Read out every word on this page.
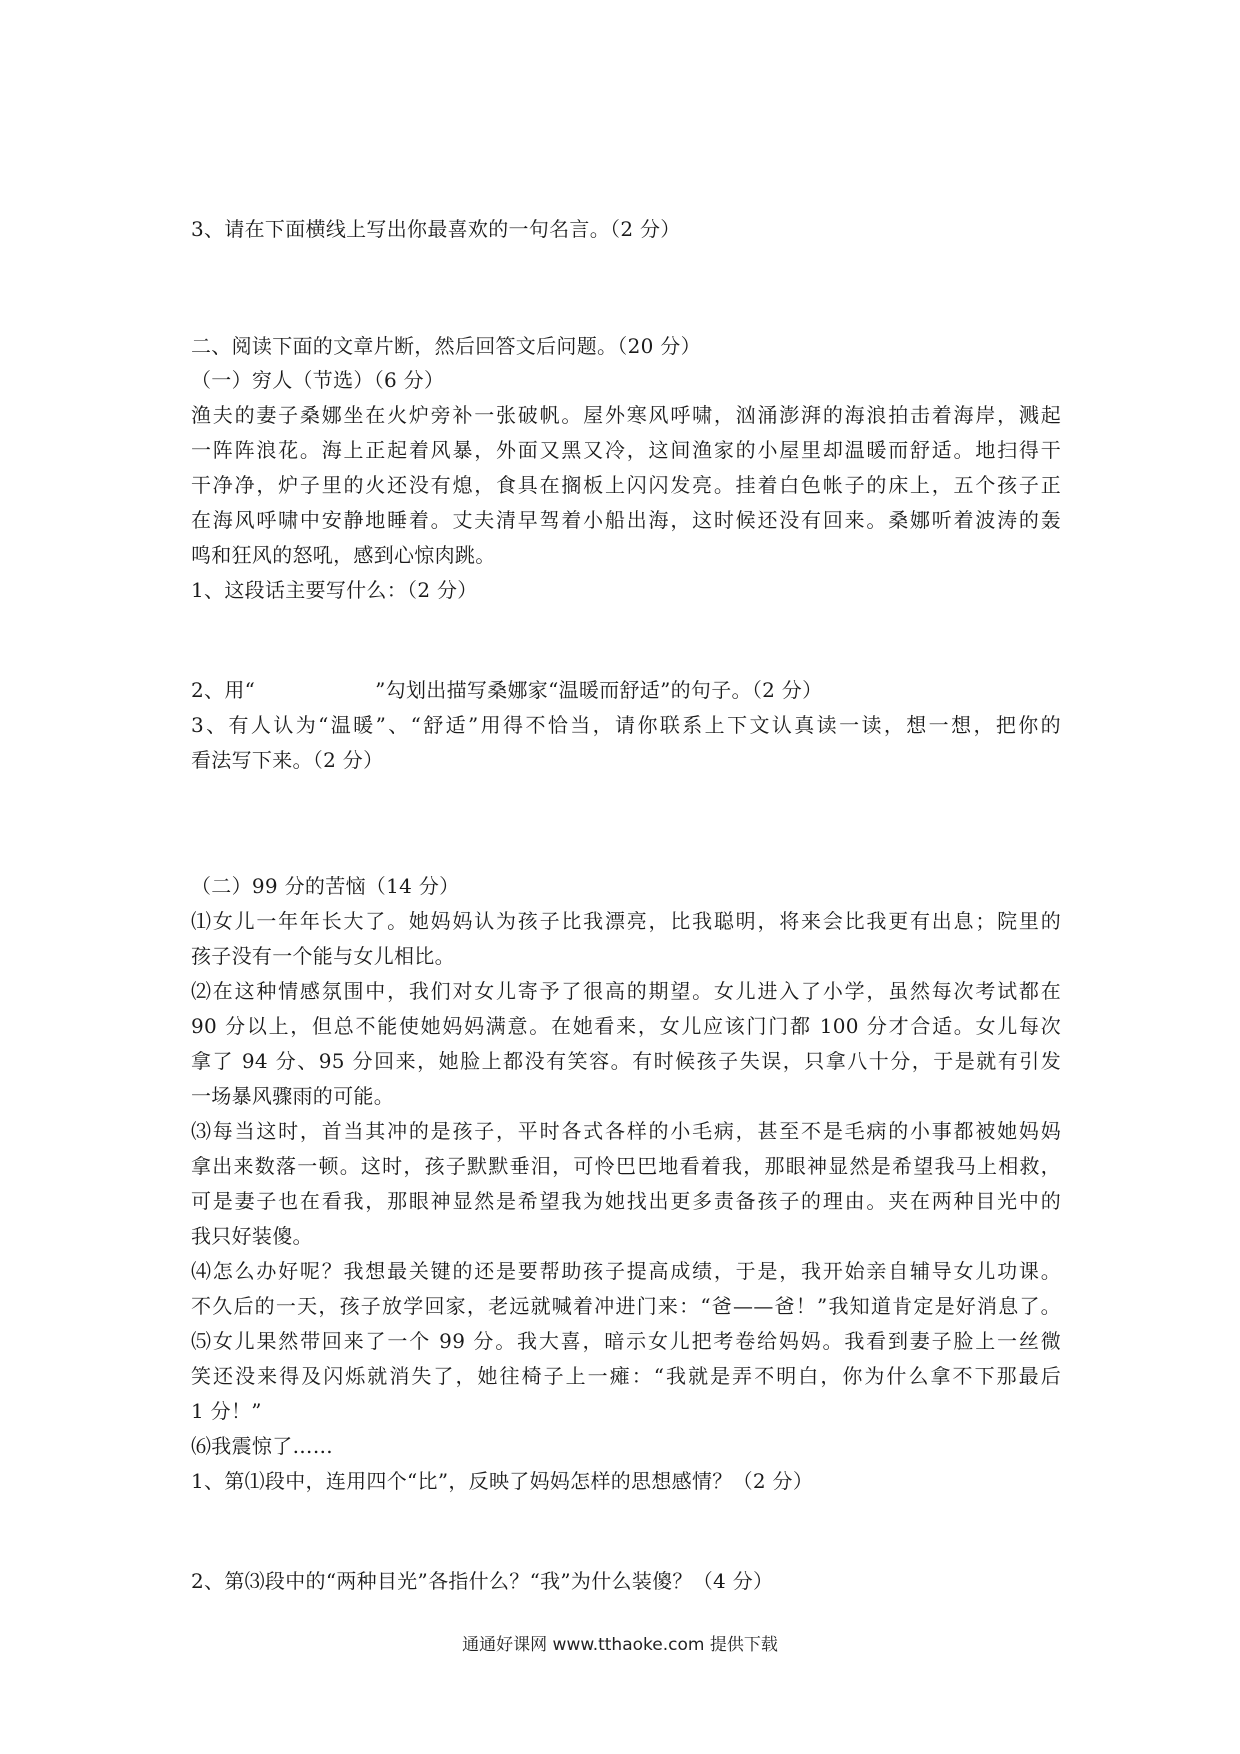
3、请在下面横线上写出你最喜欢的一句名言。（2 分）
二、阅读下面的文章片断，然后回答文后问题。（20 分）
（一）穷人（节选）（6 分）
渔夫的妻子桑娜坐在火炉旁补一张破帆。屋外寒风呼啸，汹涌澎湃的海浪拍击着海岸，溅起
一阵阵浪花。海上正起着风暴，外面又黑又冷，这间渔家的小屋里却温暖而舒适。地扫得干
干净净，炉子里的火还没有熄，食具在搁板上闪闪发亮。挂着白色帐子的床上，五个孩子正
在海风呼啸中安静地睡着。丈夫清早驾着小船出海，这时候还没有回来。桑娜听着波涛的轰
鸣和狂风的怒吼，感到心惊肉跳。
1、这段话主要写什么：（2 分）
2、用“	”勾划出描写桑娜家“温暖而舒适”的句子。（2 分）
3、有人认为“温暖”、“舒适”用得不恰当，请你联系上下文认真读一读，想一想，把你的
看法写下来。（2 分）
（二）99 分的苦恼（14 分）
⑴女儿一年年长大了。她妈妈认为孩子比我漂亮，比我聪明，将来会比我更有出息；院里的
孩子没有一个能与女儿相比。
⑵在这种情感氛围中，我们对女儿寄予了很高的期望。女儿进入了小学，虽然每次考试都在
90 分以上，但总不能使她妈妈满意。在她看来，女儿应该门门都 100 分才合适。女儿每次
拿了 94 分、95 分回来，她脸上都没有笑容。有时候孩子失误，只拿八十分，于是就有引发
一场暴风骤雨的可能。
⑶每当这时，首当其冲的是孩子，平时各式各样的小毛病，甚至不是毛病的小事都被她妈妈
拿出来数落一顿。这时，孩子默默垂泪，可怜巴巴地看着我，那眼神显然是希望我马上相救，
可是妻子也在看我，那眼神显然是希望我为她找出更多责备孩子的理由。夹在两种目光中的
我只好装傻。
⑷怎么办好呢？我想最关键的还是要帮助孩子提高成绩，于是，我开始亲自辅导女儿功课。
不久后的一天，孩子放学回家，老远就喊着冲进门来：“爸——爸！”我知道肯定是好消息了。
⑸女儿果然带回来了一个 99 分。我大喜，暗示女儿把考卷给妈妈。我看到妻子脸上一丝微
笑还没来得及闪烁就消失了，她往椅子上一瘫：“我就是弄不明白，你为什么拿不下那最后
1 分！”
⑹我震惊了……
1、第⑴段中，连用四个“比”，反映了妈妈怎样的思想感情？（2 分）
2、第⑶段中的“两种目光”各指什么？“我”为什么装傻？（4 分）
通通好课网 www.tthaoke.com 提供下载
